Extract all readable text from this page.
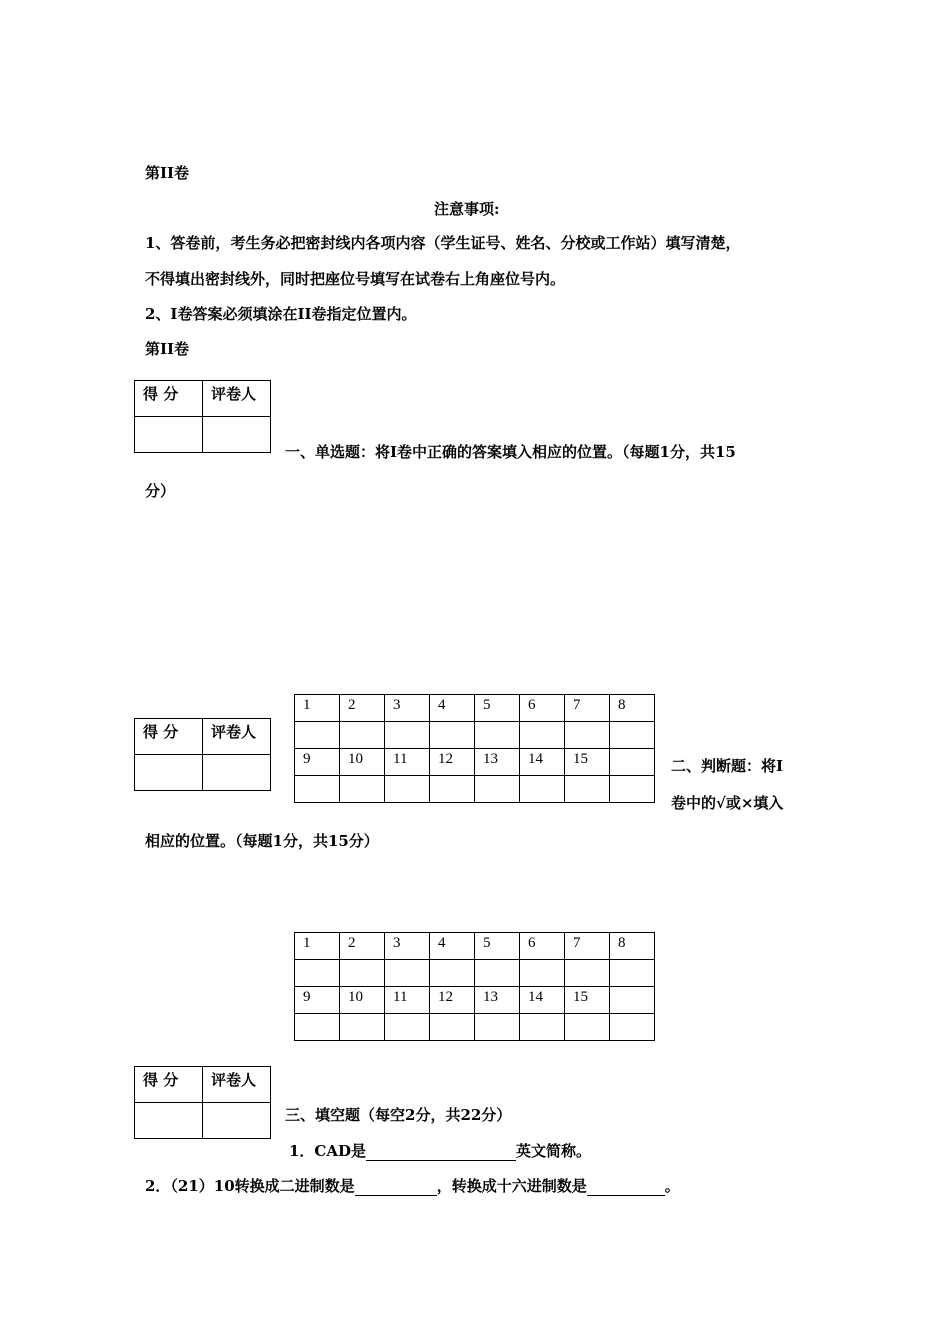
第II卷
注意事项:
1、答卷前，考生务必把密封线内各项内容（学生证号、姓名、分校或工作站）填写清楚，
不得填出密封线外，同时把座位号填写在试卷右上角座位号内。
2、I卷答案必须填涂在II卷指定位置内。
第II卷
得 分	评卷人

一、单选题：将I卷中正确的答案填入相应的位置。（每题1分，共15
分）
1	2	3	4	5	6	7	8

9	10	11	12	13	14	15	

得 分	评卷人

二、判断题：将I
卷中的√或×填入
相应的位置。（每题1分，共15分）
1	2	3	4	5	6	7	8

9	10	11	12	13	14	15	

得 分	评卷人

三、填空题（每空2分，共22分）
1．CAD是	英文简称。
2．（21）10转换成二进制数是	，转换成十六进制数是	。
